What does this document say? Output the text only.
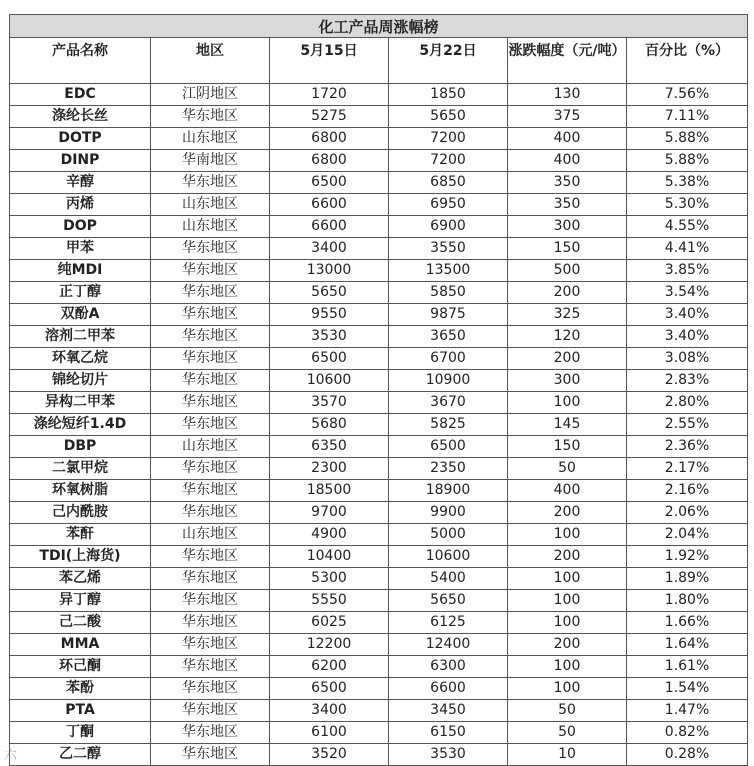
化工产品周涨幅榜					
产品名称	地区	5月15日	5月22日	涨跌幅度（元/吨）	百分比（%）
EDC	江阴地区	1720	1850	130	7.56%
涤纶长丝	华东地区	5275	5650	375	7.11%
DOTP	山东地区	6800	7200	400	5.88%
DINP	华南地区	6800	7200	400	5.88%
辛醇	华东地区	6500	6850	350	5.38%
丙烯	山东地区	6600	6950	350	5.30%
DOP	山东地区	6600	6900	300	4.55%
甲苯	华东地区	3400	3550	150	4.41%
纯MDI	华东地区	13000	13500	500	3.85%
正丁醇	华东地区	5650	5850	200	3.54%
双酚A	华东地区	9550	9875	325	3.40%
溶剂二甲苯	华东地区	3530	3650	120	3.40%
环氧乙烷	华东地区	6500	6700	200	3.08%
锦纶切片	华东地区	10600	10900	300	2.83%
异构二甲苯	华东地区	3570	3670	100	2.80%
涤纶短纤1.4D	华东地区	5680	5825	145	2.55%
DBP	山东地区	6350	6500	150	2.36%
二氯甲烷	华东地区	2300	2350	50	2.17%
环氧树脂	华东地区	18500	18900	400	2.16%
己内酰胺	华东地区	9700	9900	200	2.06%
苯酐	山东地区	4900	5000	100	2.04%
TDI(上海货)	华东地区	10400	10600	200	1.92%
苯乙烯	华东地区	5300	5400	100	1.89%
异丁醇	华东地区	5550	5650	100	1.80%
己二酸	华东地区	6025	6125	100	1.66%
MMA	华东地区	12200	12400	200	1.64%
环己酮	华东地区	6200	6300	100	1.61%
苯酚	华东地区	6500	6600	100	1.54%
PTA	华东地区	3400	3450	50	1.47%
丁酮	华东地区	6100	6150	50	0.82%
乙二醇	华东地区	3520	3530	10	0.28%
六
